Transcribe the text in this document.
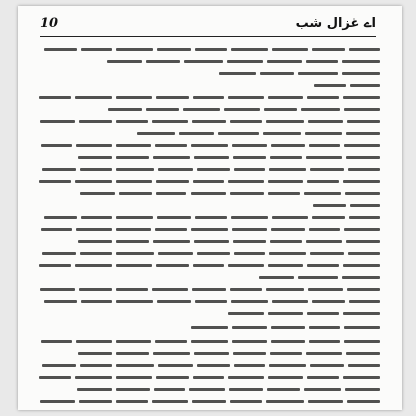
10	اے غزال شب
